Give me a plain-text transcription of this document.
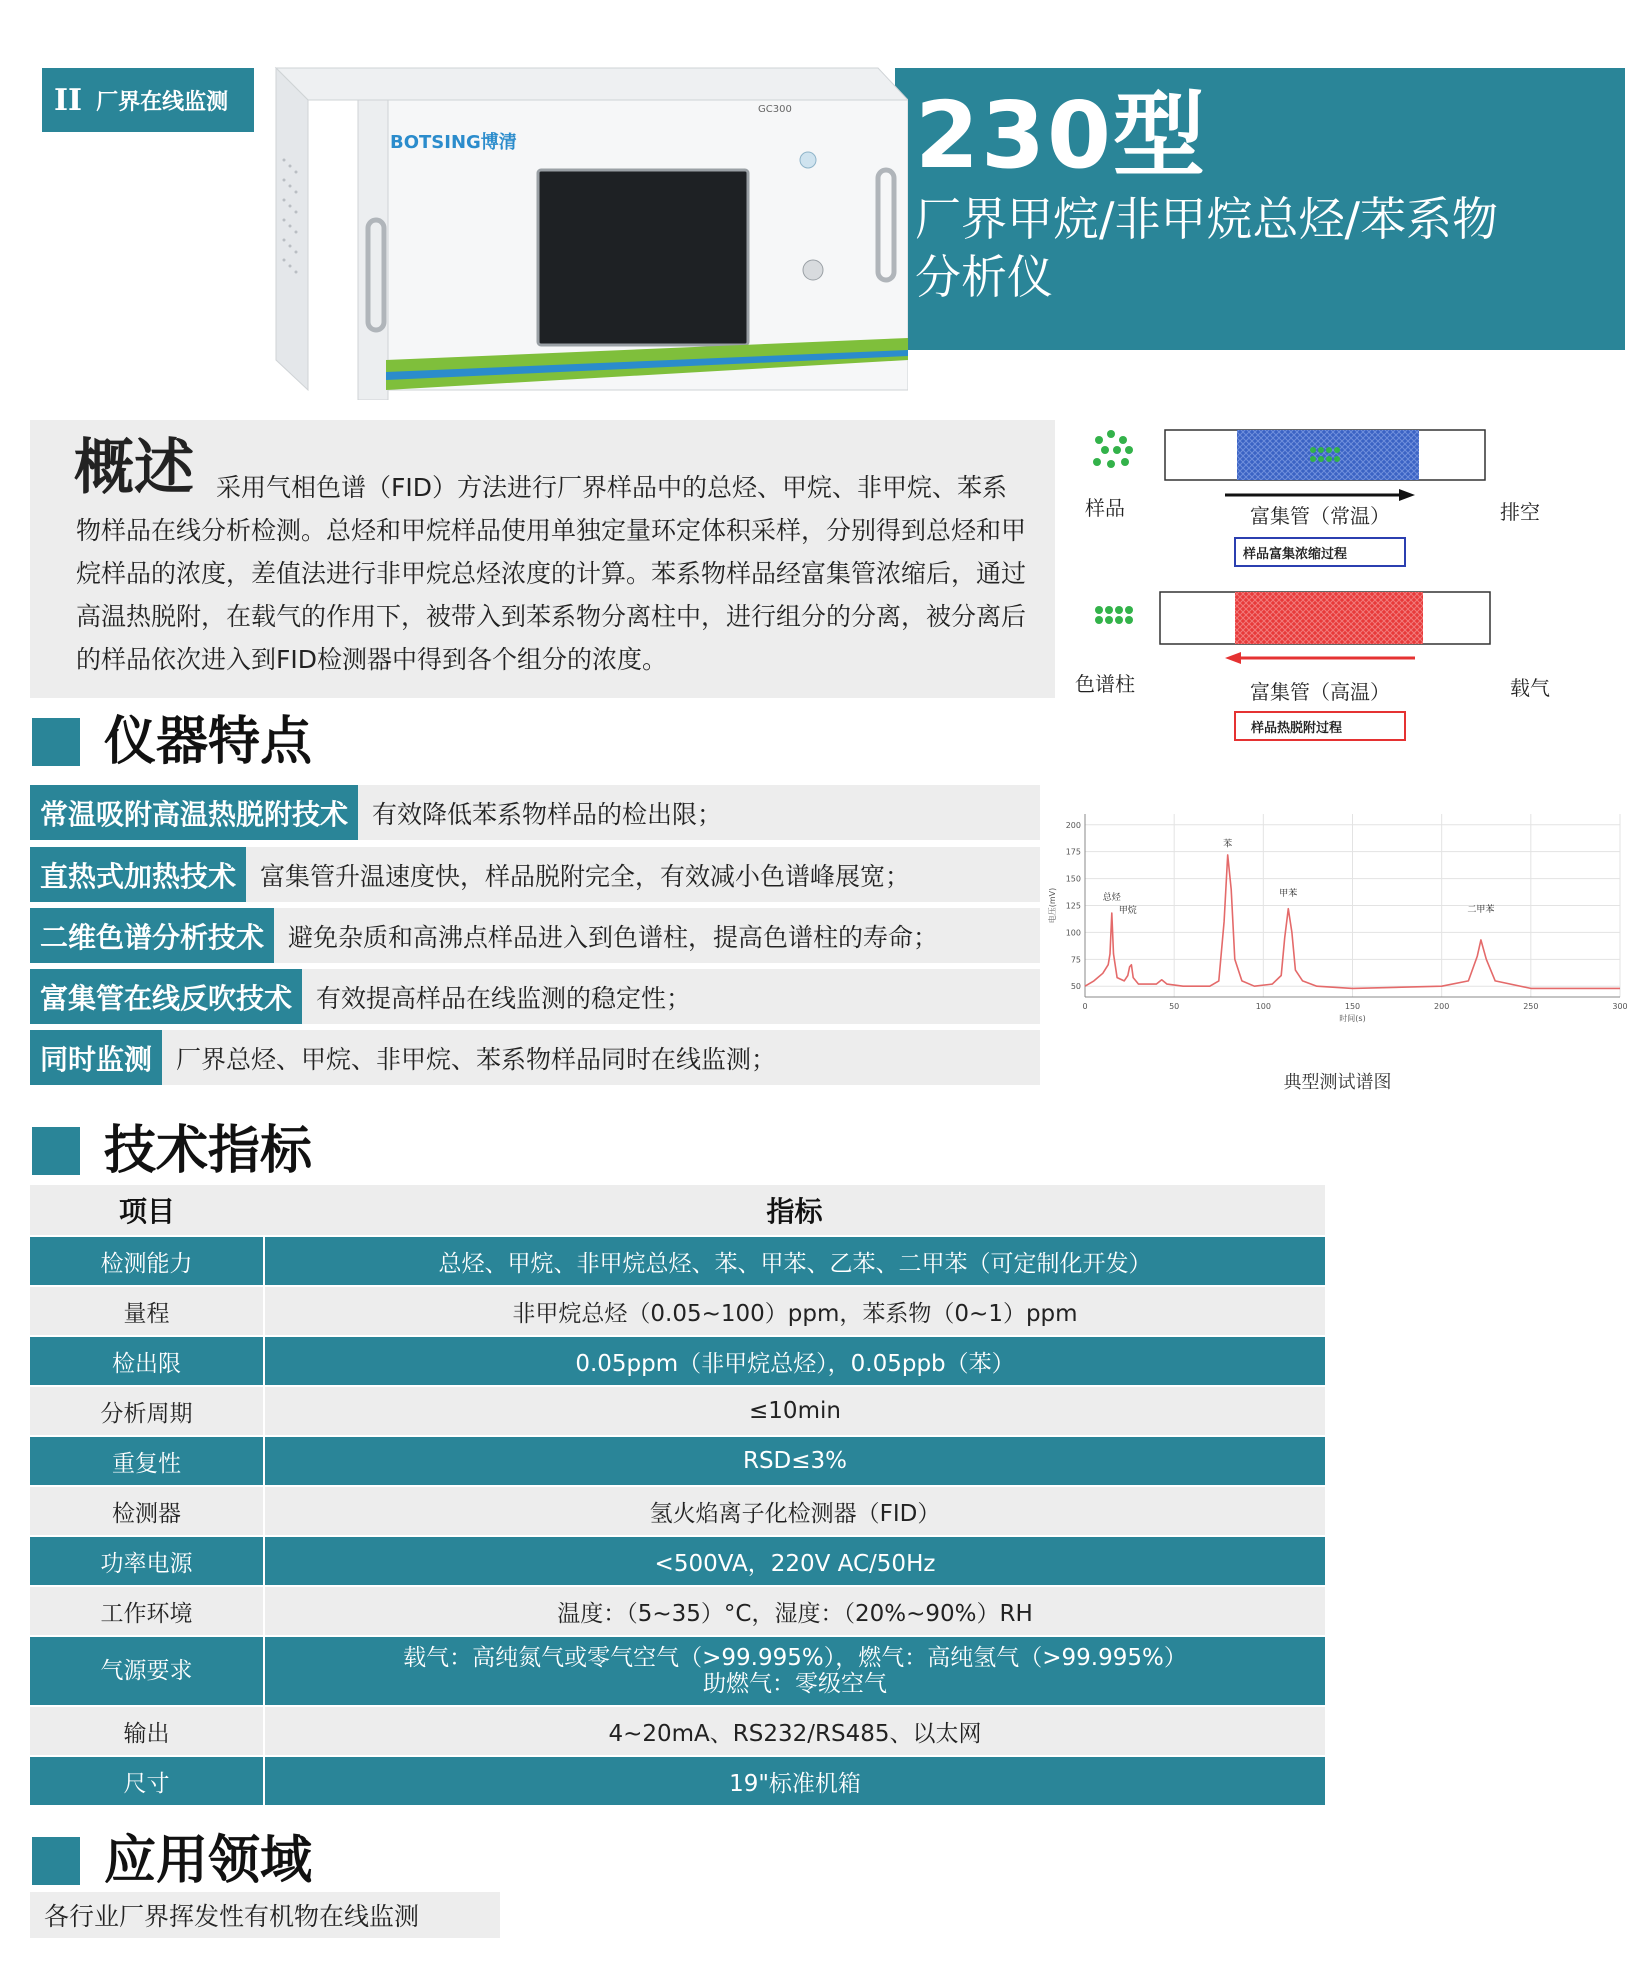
II 厂界在线监测
BOTSING博清
GC300 230型
厂界甲烷/非甲烷总烃/苯系物
分析仪
概述 采用气相色谱（FID）方法进行厂界样品中的总烃、甲烷、非甲烷、苯系物样品在线分析检测。总烃和甲烷样品使用单独定量环定体积采样，分别得到总烃和甲烷样品的浓度，差值法进行非甲烷总烃浓度的计算。苯系物样品经富集管浓缩后，通过高温热脱附，在载气的作用下，被带入到苯系物分离柱中，进行组分的分离，被分离后的样品依次进入到FID检测器中得到各个组分的浓度。
样品	富集管（常温）	排空
样品富集浓缩过程
色谱柱	富集管（高温）	载气
样品热脱附过程
仪器特点
常温吸附高温热脱附技术 有效降低苯系物样品的检出限；
直热式加热技术 富集管升温速度快，样品脱附完全，有效减小色谱峰展宽；
二维色谱分析技术 避免杂质和高沸点样品进入到色谱柱，提高色谱柱的寿命；
富集管在线反吹技术 有效提高样品在线监测的稳定性；
同时监测 厂界总烃、甲烷、非甲烷、苯系物样品同时在线监测；
0	50	100	150	200	250	300
50
75
100
125
150
175
200
时间(s)
电压(mV)	总烃
甲烷
苯
甲苯
二甲苯
典型测试谱图
技术指标
项目	指标
检测能力	总烃、甲烷、非甲烷总烃、苯、甲苯、乙苯、二甲苯（可定制化开发）
量程	非甲烷总烃（0.05~100）ppm，苯系物（0~1）ppm
检出限	0.05ppm（非甲烷总烃），0.05ppb（苯）
分析周期	≤10min
重复性	RSD≤3%
检测器	氢火焰离子化检测器（FID）
功率电源	<500VA，220V AC/50Hz
工作环境	温度：（5~35）°C，湿度：（20%~90%）RH
气源要求	载气：高纯氮气或零气空气（>99.995%），燃气：高纯氢气（>99.995%）
助燃气：零级空气

输出	4~20mA、RS232/RS485、以太网
尺寸	19"标准机箱
应用领域
各行业厂界挥发性有机物在线监测
